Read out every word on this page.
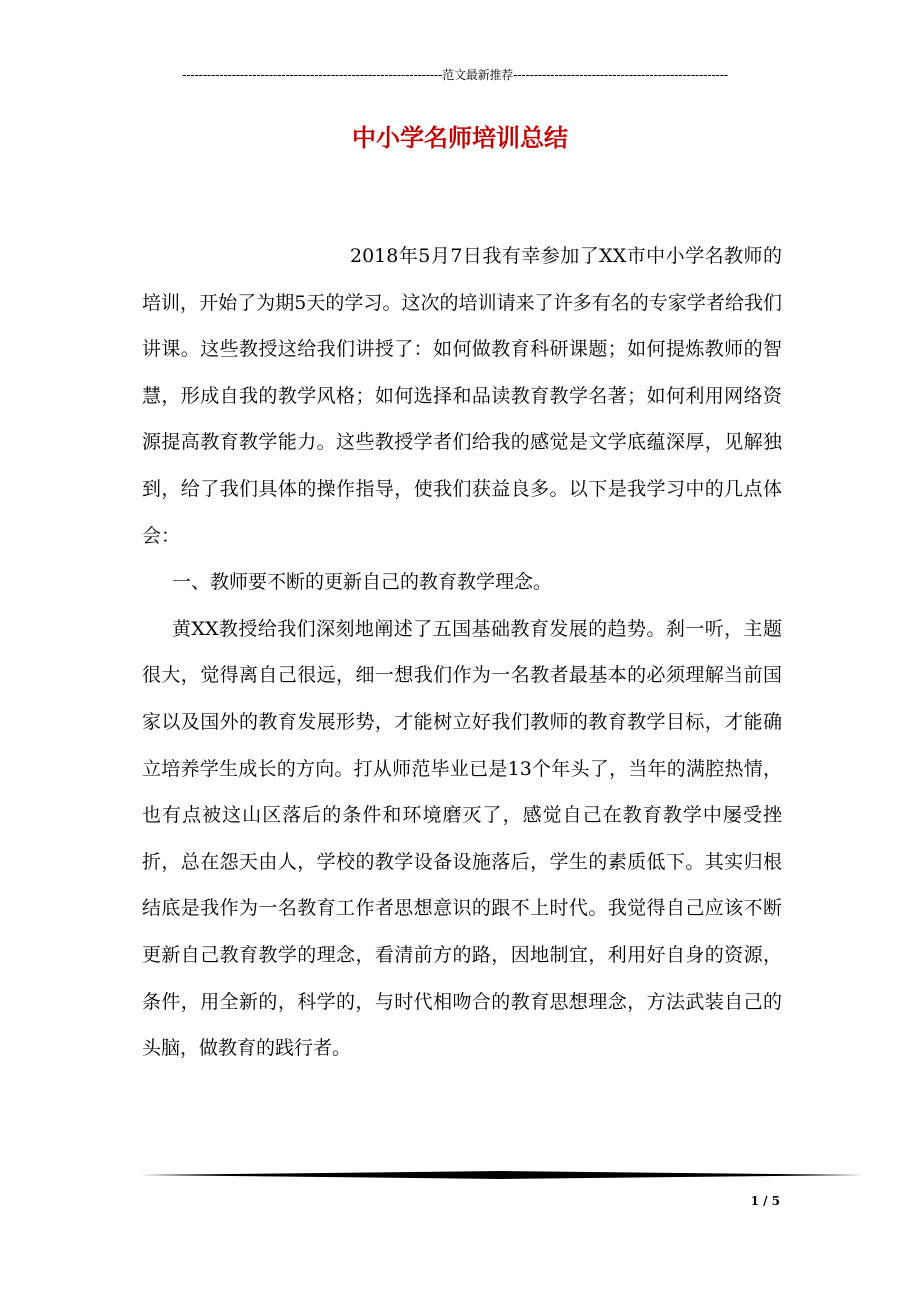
---------------------------------------------------------------范文最新推荐----------------------------------------------------
中小学名师培训总结

2018年5月7日我有幸参加了XX市中小学名教师的培训，开始了为期5天的学习。这次的培训请来了许多有名的专家学者给我们讲课。这些教授这给我们讲授了：如何做教育科研课题；如何提炼教师的智慧，形成自我的教学风格；如何选择和品读教育教学名著；如何利用网络资源提高教育教学能力。这些教授学者们给我的感觉是文学底蕴深厚，见解独到，给了我们具体的操作指导，使我们获益良多。以下是我学习中的几点体会：

一、教师要不断的更新自己的教育教学理念。

黄XX教授给我们深刻地阐述了五国基础教育发展的趋势。刹一听，主题很大，觉得离自己很远，细一想我们作为一名教者最基本的必须理解当前国家以及国外的教育发展形势，才能树立好我们教师的教育教学目标，才能确立培养学生成长的方向。打从师范毕业已是13个年头了，当年的满腔热情，也有点被这山区落后的条件和环境磨灭了，感觉自己在教育教学中屡受挫折，总在怨天由人，学校的教学设备设施落后，学生的素质低下。其实归根结底是我作为一名教育工作者思想意识的跟不上时代。我觉得自己应该不断更新自己教育教学的理念，看清前方的路，因地制宜，利用好自身的资源，条件，用全新的，科学的，与时代相吻合的教育思想理念，方法武装自己的头脑，做教育的践行者。

1 / 5
